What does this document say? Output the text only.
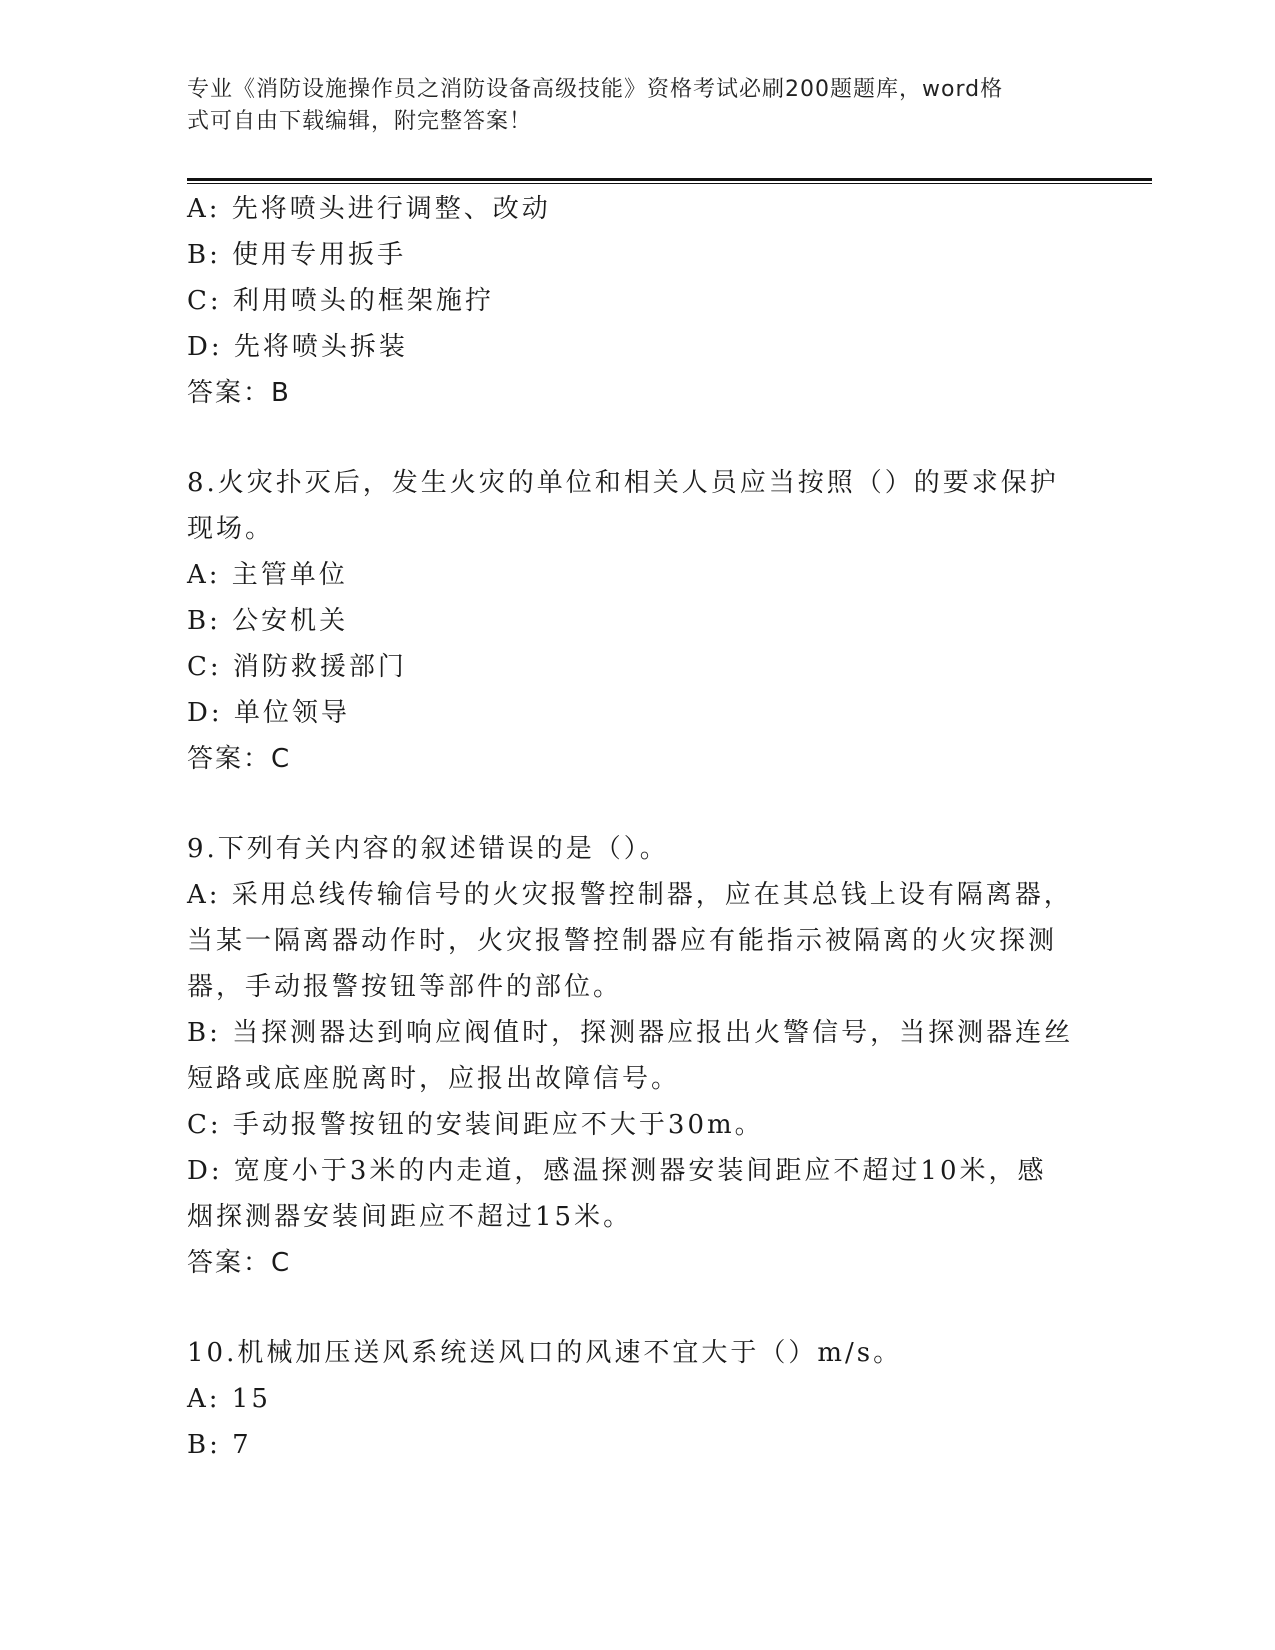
专业《消防设施操作员之消防设备高级技能》资格考试必刷200题题库，word格
式可自由下载编辑，附完整答案！
A: 先将喷头进行调整、改动
B: 使用专用扳手
C: 利用喷头的框架施拧
D: 先将喷头拆装
答案：B
8.火灾扑灭后，发生火灾的单位和相关人员应当按照（）的要求保护
现场。
A: 主管单位
B: 公安机关
C: 消防救援部门
D: 单位领导
答案：C
9.下列有关内容的叙述错误的是（）。
A: 采用总线传输信号的火灾报警控制器，应在其总钱上设有隔离器，
当某一隔离器动作时，火灾报警控制器应有能指示被隔离的火灾探测
器，手动报警按钮等部件的部位。
B: 当探测器达到响应阀值时，探测器应报出火警信号，当探测器连丝
短路或底座脱离时，应报出故障信号。
C: 手动报警按钮的安装间距应不大于30m。
D: 宽度小于3米的内走道，感温探测器安装间距应不超过10米，感
烟探测器安装间距应不超过15米。
答案：C
10.机械加压送风系统送风口的风速不宜大于（）m/s。
A: 15
B: 7
